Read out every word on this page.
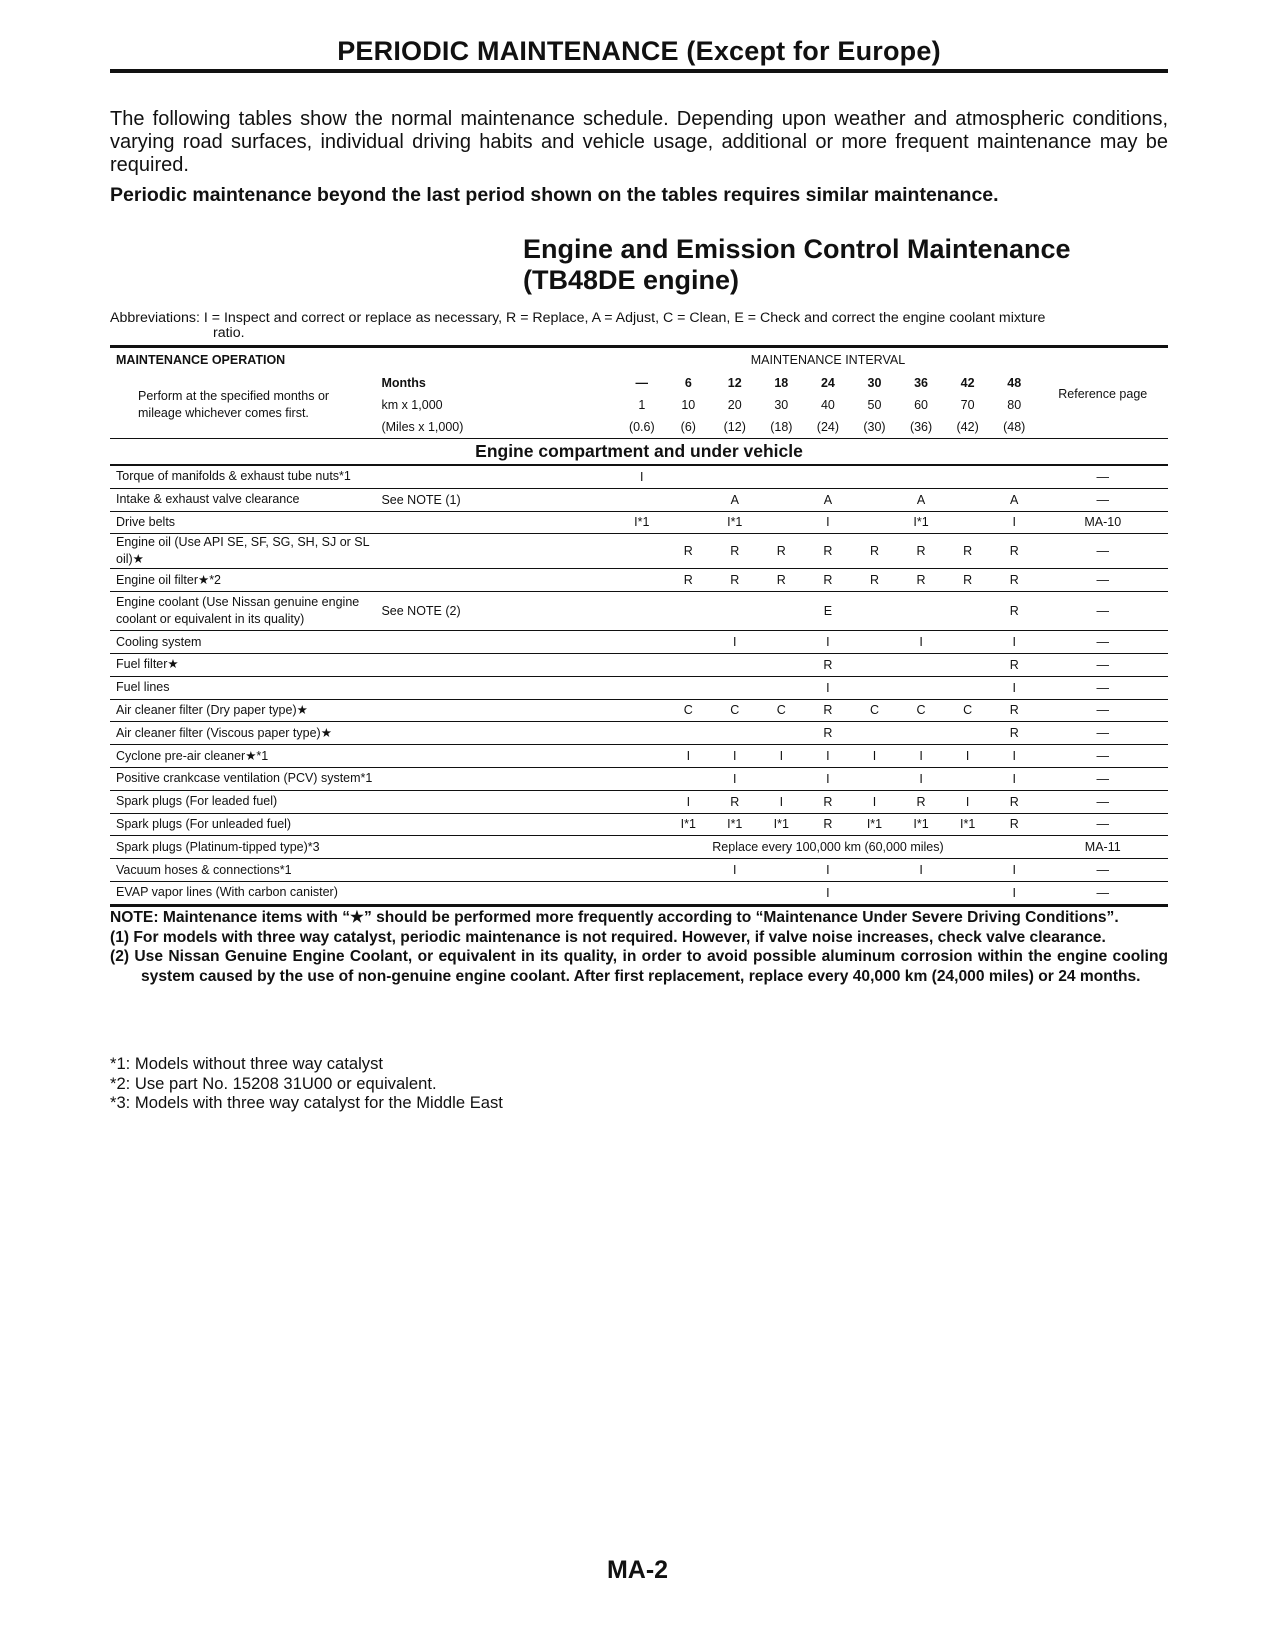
PERIODIC MAINTENANCE (Except for Europe)
The following tables show the normal maintenance schedule. Depending upon weather and atmospheric conditions, varying road surfaces, individual driving habits and vehicle usage, additional or more frequent maintenance may be required.
Periodic maintenance beyond the last period shown on the tables requires similar maintenance.
Engine and Emission Control Maintenance
(TB48DE engine)
Abbreviations: I = Inspect and correct or replace as necessary, R = Replace, A = Adjust, C = Clean, E = Check and correct the engine coolant mixture
ratio.
MAINTENANCE OPERATION		MAINTENANCE INTERVAL									
Perform at the specified months or mileage whichever comes first.	Months	—	6	12	18	24	30	36	42	48	Reference page
	km x 1,000	1	10	20	30	40	50	60	70	80	
	(Miles x 1,000)	(0.6)	(6)	(12)	(18)	(24)	(30)	(36)	(42)	(48)	
Engine compartment and under vehicle											
Torque of manifolds & exhaust tube nuts*1		I									—
Intake & exhaust valve clearance	See NOTE (1)			A		A		A		A	—
Drive belts		I*1		I*1		I		I*1		I	MA-10
Engine oil (Use API SE, SF, SG, SH, SJ or SL oil)★			R	R	R	R	R	R	R	R	—
Engine oil filter★*2			R	R	R	R	R	R	R	R	—
Engine coolant (Use Nissan genuine engine coolant or equivalent in its quality)	See NOTE (2)					E				R	—
Cooling system				I		I		I		I	—
Fuel filter★						R				R	—
Fuel lines						I				I	—
Air cleaner filter (Dry paper type)★			C	C	C	R	C	C	C	R	—
Air cleaner filter (Viscous paper type)★						R				R	—
Cyclone pre-air cleaner★*1			I	I	I	I	I	I	I	I	—
Positive crankcase ventilation (PCV) system*1				I		I		I		I	—
Spark plugs (For leaded fuel)			I	R	I	R	I	R	I	R	—
Spark plugs (For unleaded fuel)			I*1	I*1	I*1	R	I*1	I*1	I*1	R	—
Spark plugs (Platinum-tipped type)*3		Replace every 100,000 km (60,000 miles)									MA-11
Vacuum hoses & connections*1				I		I		I		I	—
EVAP vapor lines (With carbon canister)						I				I	—
NOTE: Maintenance items with “★” should be performed more frequently according to “Maintenance Under Severe Driving Conditions”.
(1) For models with three way catalyst, periodic maintenance is not required. However, if valve noise increases, check valve clearance.
(2) Use Nissan Genuine Engine Coolant, or equivalent in its quality, in order to avoid possible aluminum corrosion within the engine cooling system caused by the use of non-genuine engine coolant. After first replacement, replace every 40,000 km (24,000 miles) or 24 months.
*1: Models without three way catalyst
*2: Use part No. 15208 31U00 or equivalent.
*3: Models with three way catalyst for the Middle East
MA-2
